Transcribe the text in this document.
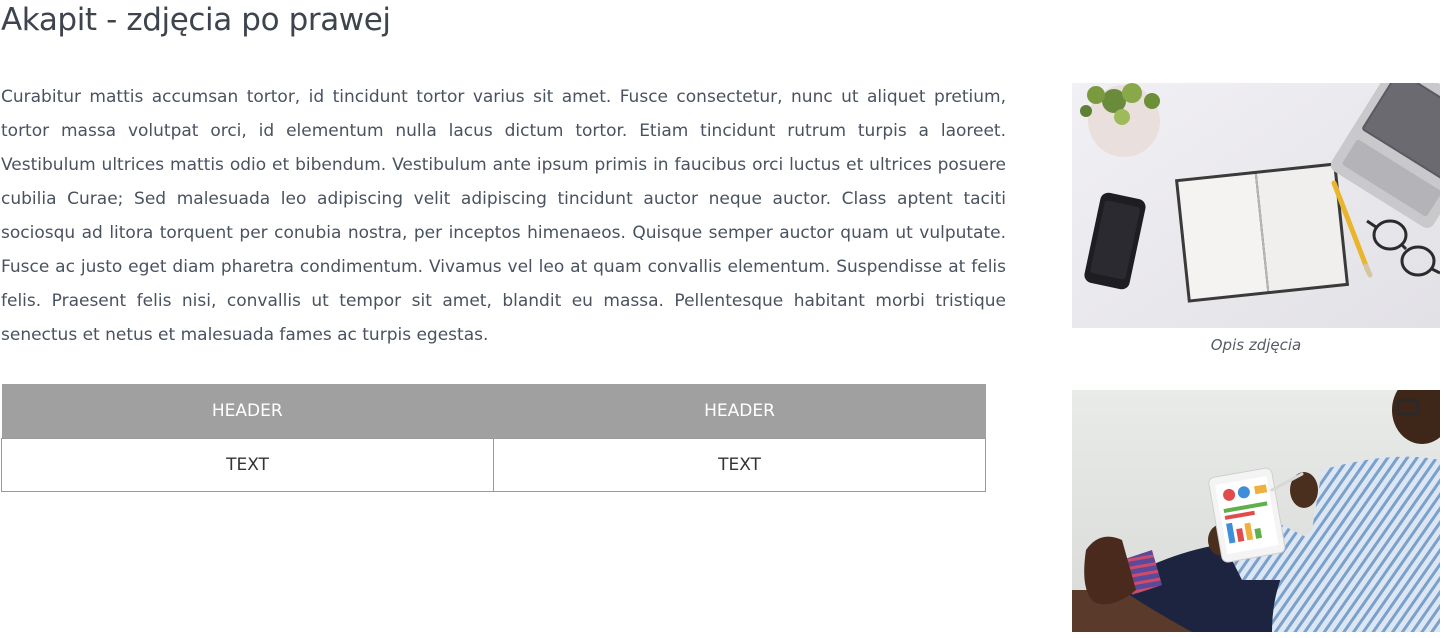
Akapit - zdjęcia po prawej

Curabitur mattis accumsan tortor, id tincidunt tortor varius sit amet. Fusce consectetur, nunc ut aliquet pretium, tortor massa volutpat orci, id elementum nulla lacus dictum tortor. Etiam tincidunt rutrum turpis a laoreet. Vestibulum ultrices mattis odio et bibendum. Vestibulum ante ipsum primis in faucibus orci luctus et ultrices posuere cubilia Curae; Sed malesuada leo adipiscing velit adipiscing tincidunt auctor neque auctor. Class aptent taciti sociosqu ad litora torquent per conubia nostra, per inceptos himenaeos. Quisque semper auctor quam ut vulputate. Fusce ac justo eget diam pharetra condimentum. Vivamus vel leo at quam convallis elementum. Suspendisse at felis felis. Praesent felis nisi, convallis ut tempor sit amet, blandit eu massa. Pellentesque habitant morbi tristique senectus et netus et malesuada fames ac turpis egestas.

HEADER	HEADER
TEXT	TEXT
Opis zdjęcia
